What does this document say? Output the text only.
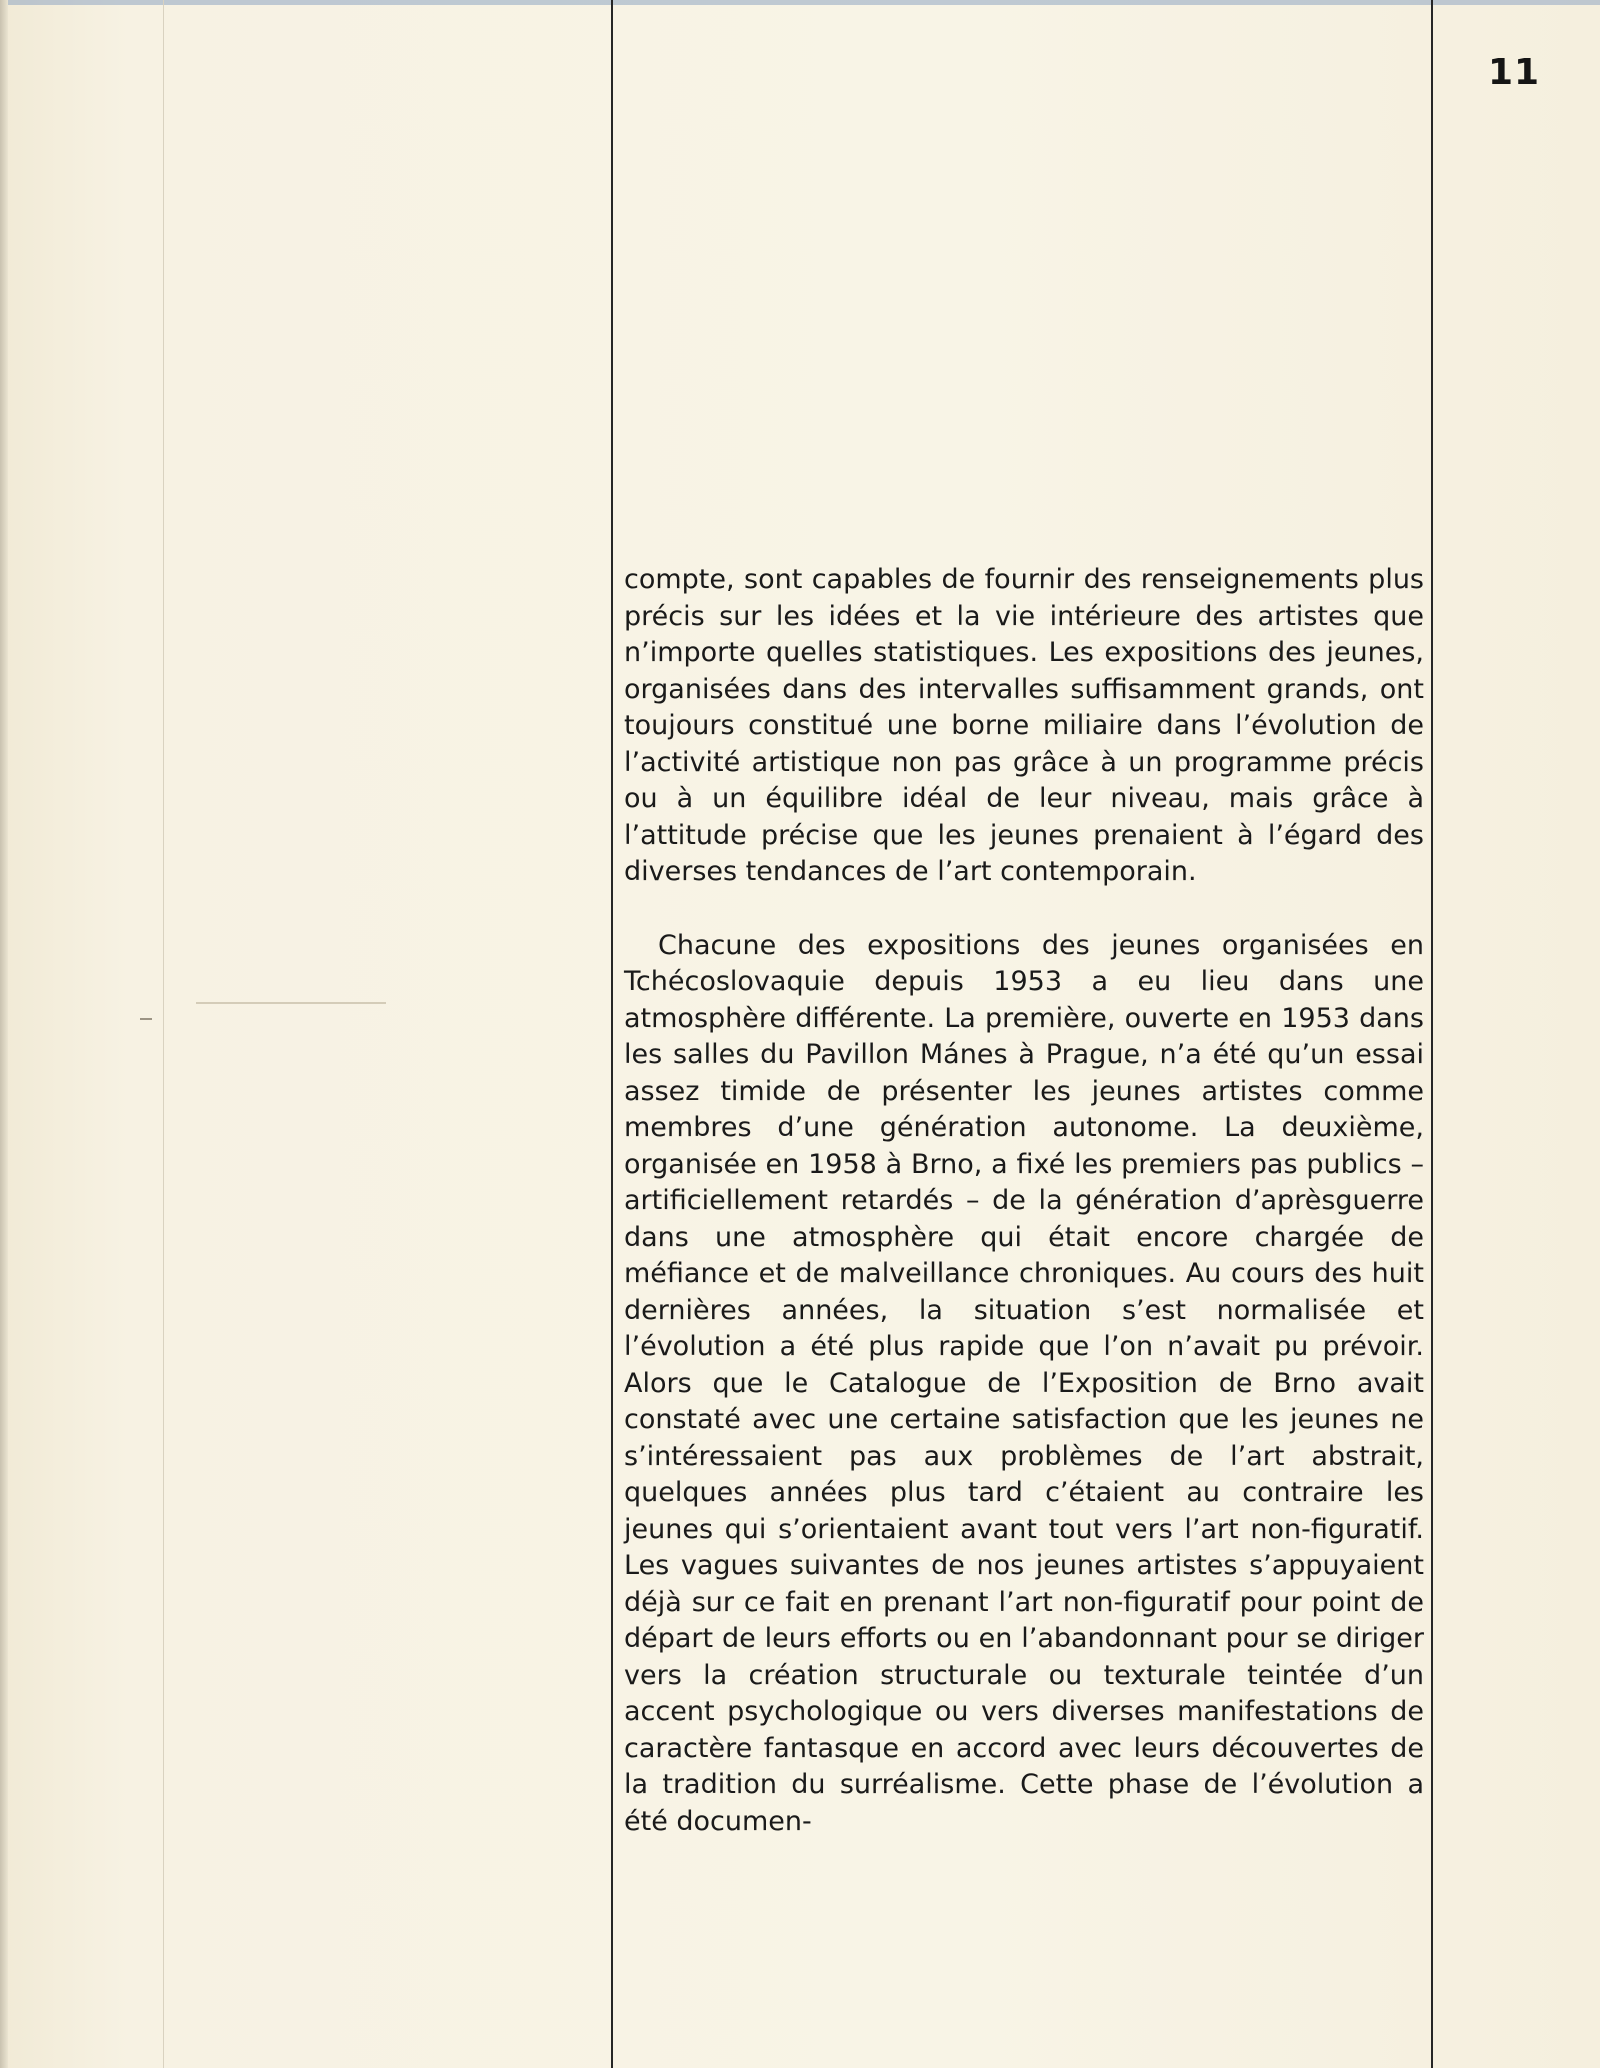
11

compte, sont capables de fournir des renseignements plus précis sur les idées et la vie intérieure des artistes que n’importe quelles statistiques. Les expositions des jeunes, organisées dans des intervalles suffisamment grands, ont toujours constitué une borne miliaire dans l’évolution de l’activité artistique non pas grâce à un programme précis ou à un équilibre idéal de leur niveau, mais grâce à l’attitude précise que les jeunes prenaient à l’égard des diverses tendances de l’art contemporain.

Chacune des expositions des jeunes organisées en Tchécoslovaquie depuis 1953 a eu lieu dans une atmosphère différente. La première, ouverte en 1953 dans les salles du Pavillon Mánes à Prague, n’a été qu’un essai assez timide de présenter les jeunes artistes comme membres d’une génération autonome. La deuxième, organisée en 1958 à Brno, a fixé les premiers pas publics – artificiellement retardés – de la génération d’aprèsguerre dans une atmosphère qui était encore chargée de méfiance et de malveillance chroniques. Au cours des huit dernières années, la situation s’est normalisée et l’évolution a été plus rapide que l’on n’avait pu prévoir. Alors que le Catalogue de l’Exposition de Brno avait constaté avec une certaine satisfaction que les jeunes ne s’intéressaient pas aux problèmes de l’art abstrait, quelques années plus tard c’étaient au contraire les jeunes qui s’orientaient avant tout vers l’art non-figuratif. Les vagues suivantes de nos jeunes artistes s’appuyaient déjà sur ce fait en prenant l’art non-figuratif pour point de départ de leurs efforts ou en l’abandonnant pour se diriger vers la création structurale ou texturale teintée d’un accent psychologique ou vers diverses manifestations de caractère fantasque en accord avec leurs découvertes de la tradition du surréalisme. Cette phase de l’évolution a été documen-
